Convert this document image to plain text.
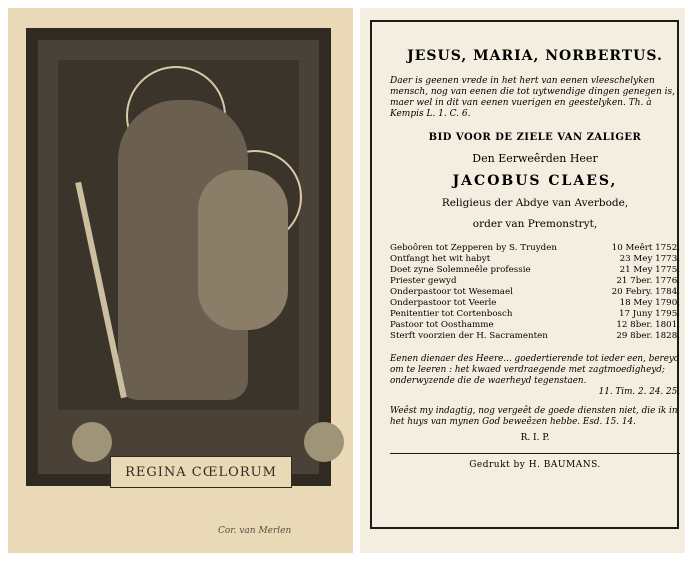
REGINA CŒLORUM
Cor. van Merlen
JESUS, MARIA, NORBERTUS.
Daer is geenen vrede in het hert van eenen vleeschelyken mensch, nog van eenen die tot uytwendige dingen genegen is, maer wel in dit van eenen vuerigen en geestelyken. Th. à Kempis L. 1. C. 6.
BID VOOR DE ZIELE VAN ZALIGER
Den Eerweêrden Heer
JACOBUS CLAES,
Religieus der Abdye van Averbode,
order van Premonstryt,
Geboôren tot Zepperen by S. Truyden	10 Meêrt 1752.
Ontfangt het wit habyt	23 Mey 1773.
Doet zyne Solemneêle professie	21 Mey 1775.
Priester gewyd	21 7ber. 1776.
Onderpastoor tot Wesemael	20 Febry. 1784.
Onderpastoor tot Veerle	18 Mey 1790.
Penitentier tot Cortenbosch	17 Juny 1795.
Pastoor tot Oosthamme	12 8ber. 1801.
Sterft voorzien der H. Sacramenten	29 8ber. 1828.
Eenen dienaer des Heere... goedertierende tot ieder een, bereyd om te leeren : het kwaed verdraegende met zagtmoedigheyd; onderwyzende die de waerheyd tegenstaen.
11. Tim. 2. 24. 25.
Weêst my indagtig, nog vergeêt de goede diensten niet, die ik in het huys van mynen God beweêzen hebbe. Esd. 15. 14.
R. I. P.
Gedrukt by H. BAUMANS.
